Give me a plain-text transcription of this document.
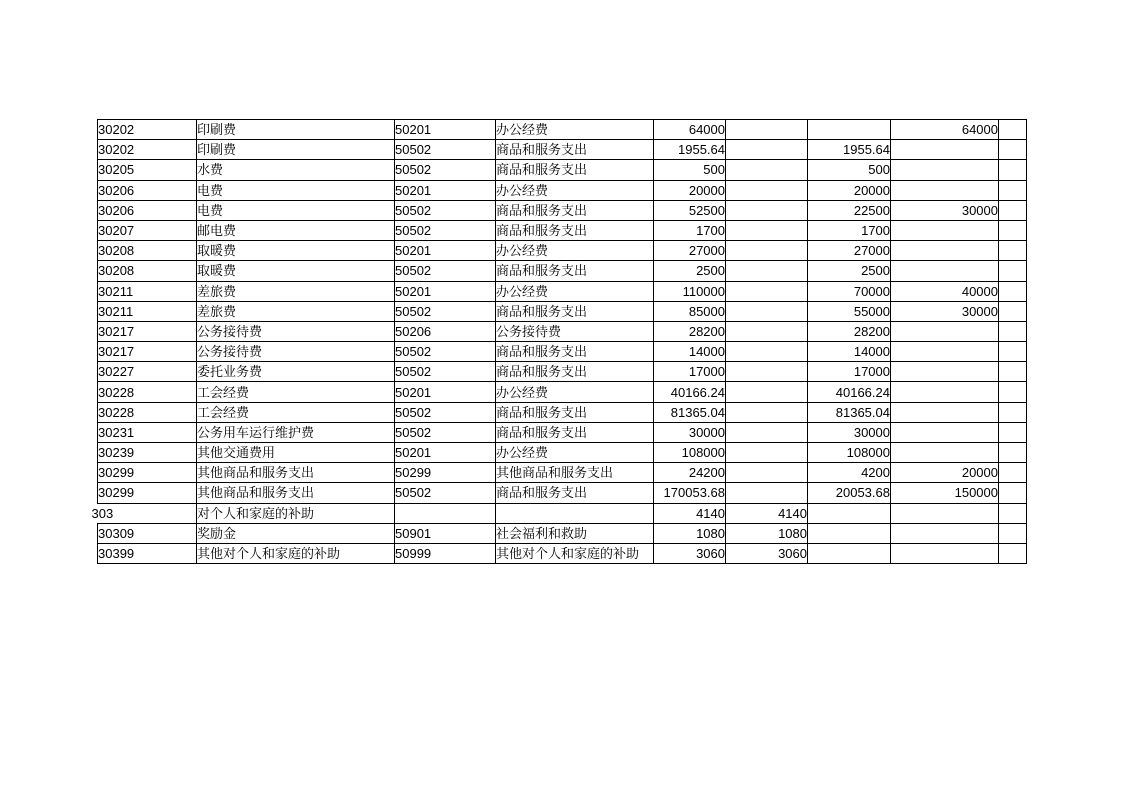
30202	印刷费	50201	办公经费	64000			64000	
30202	印刷费	50502	商品和服务支出	1955.64		1955.64		
30205	水费	50502	商品和服务支出	500		500		
30206	电费	50201	办公经费	20000		20000		
30206	电费	50502	商品和服务支出	52500		22500	30000	
30207	邮电费	50502	商品和服务支出	1700		1700		
30208	取暖费	50201	办公经费	27000		27000		
30208	取暖费	50502	商品和服务支出	2500		2500		
30211	差旅费	50201	办公经费	110000		70000	40000	
30211	差旅费	50502	商品和服务支出	85000		55000	30000	
30217	公务接待费	50206	公务接待费	28200		28200		
30217	公务接待费	50502	商品和服务支出	14000		14000		
30227	委托业务费	50502	商品和服务支出	17000		17000		
30228	工会经费	50201	办公经费	40166.24		40166.24		
30228	工会经费	50502	商品和服务支出	81365.04		81365.04		
30231	公务用车运行维护费	50502	商品和服务支出	30000		30000		
30239	其他交通费用	50201	办公经费	108000		108000		
30299	其他商品和服务支出	50299	其他商品和服务支出	24200		4200	20000	
30299	其他商品和服务支出	50502	商品和服务支出	170053.68		20053.68	150000	
303	对个人和家庭的补助			4140	4140			
30309	奖励金	50901	社会福利和救助	1080	1080			
30399	其他对个人和家庭的补助	50999	其他对个人和家庭的补助	3060	3060			
